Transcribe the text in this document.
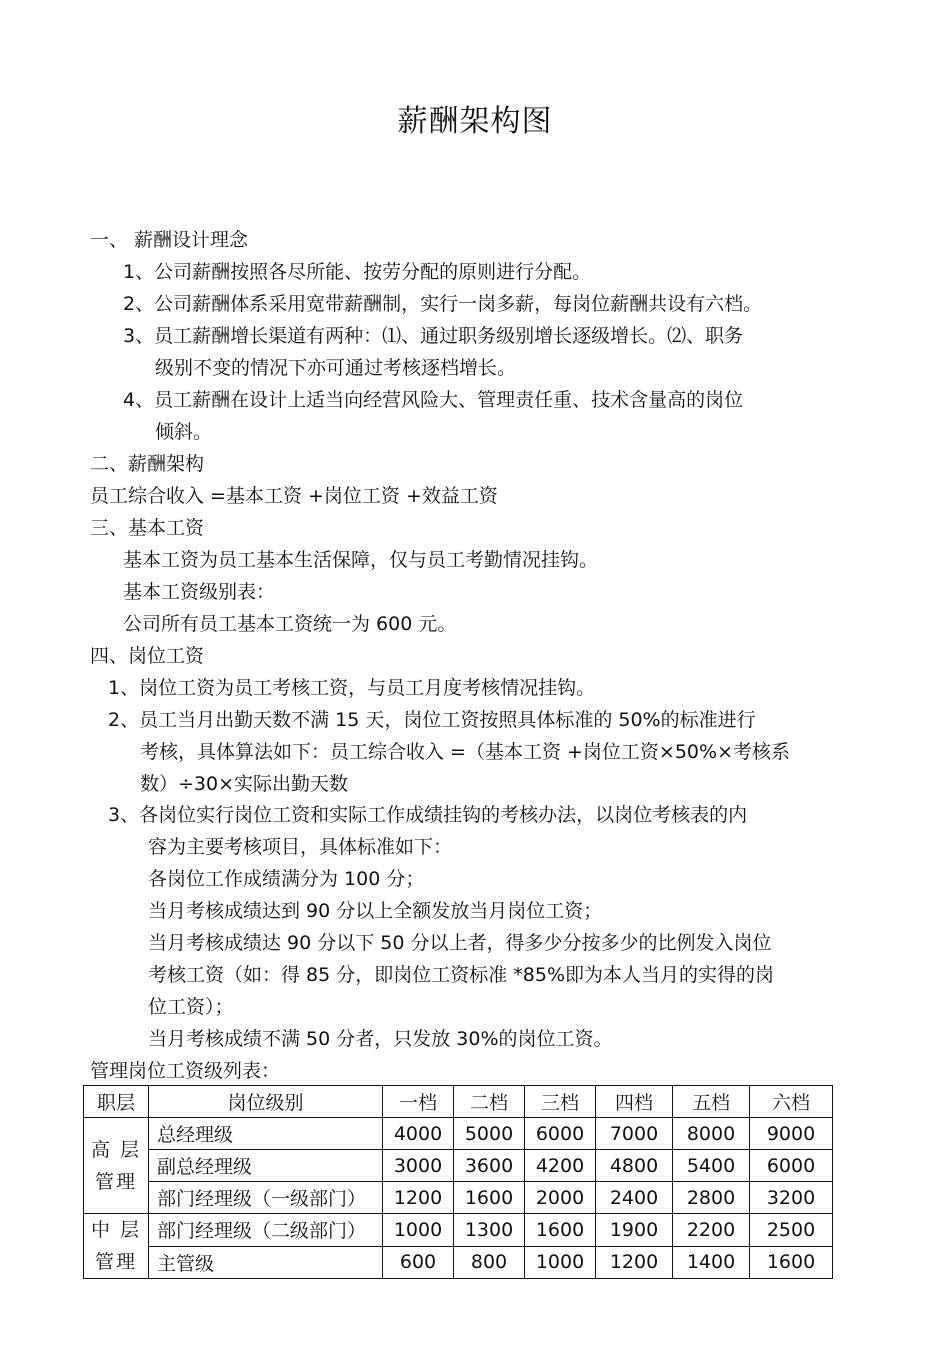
薪酬架构图
一、 薪酬设计理念
1、公司薪酬按照各尽所能、按劳分配的原则进行分配。
2、公司薪酬体系采用宽带薪酬制，实行一岗多薪，每岗位薪酬共设有六档。
3、员工薪酬增长渠道有两种：⑴、通过职务级别增长逐级增长。⑵、职务
级别不变的情况下亦可通过考核逐档增长。
4、员工薪酬在设计上适当向经营风险大、管理责任重、技术含量高的岗位
倾斜。
二、薪酬架构
员工综合收入 =基本工资 +岗位工资 +效益工资
三、基本工资
基本工资为员工基本生活保障，仅与员工考勤情况挂钩。
基本工资级别表：
公司所有员工基本工资统一为 600 元。
四、岗位工资
1、岗位工资为员工考核工资，与员工月度考核情况挂钩。
2、员工当月出勤天数不满 15 天，岗位工资按照具体标准的 50%的标准进行
考核，具体算法如下：员工综合收入 =（基本工资 +岗位工资×50%×考核系
数）÷30×实际出勤天数
3、各岗位实行岗位工资和实际工作成绩挂钩的考核办法，以岗位考核表的内
容为主要考核项目，具体标准如下：
各岗位工作成绩满分为 100 分；
当月考核成绩达到 90 分以上全额发放当月岗位工资；
当月考核成绩达 90 分以下 50 分以上者，得多少分按多少的比例发入岗位
考核工资（如：得 85 分，即岗位工资标准 *85%即为本人当月的实得的岗
位工资）；
当月考核成绩不满 50 分者，只发放 30%的岗位工资。
管理岗位工资级列表：
职层	岗位级别	一档	二档	三档	四档	五档	六档
高 层
管理	总经理级	4000	5000	6000	7000	8000	9000
	副总经理级	3000	3600	4200	4800	5400	6000
	部门经理级（一级部门）	1200	1600	2000	2400	2800	3200
中 层
管理	部门经理级（二级部门）	1000	1300	1600	1900	2200	2500
	主管级	600	800	1000	1200	1400	1600
